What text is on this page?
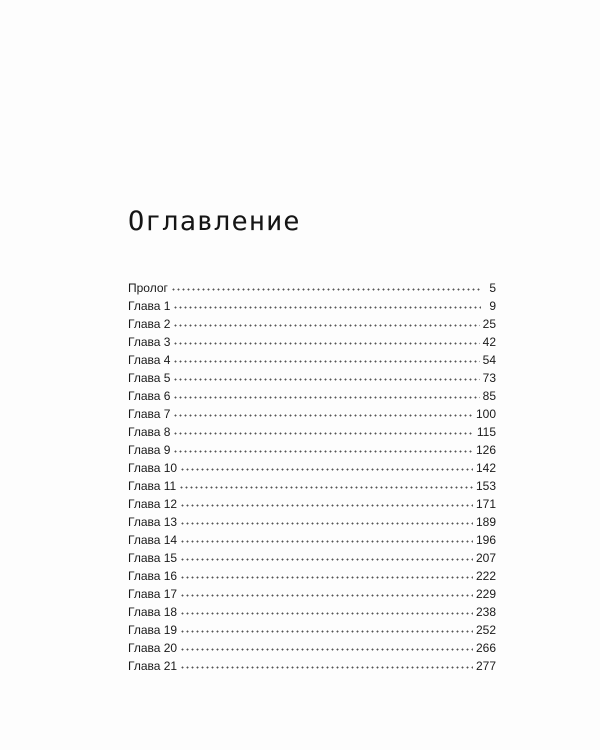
Оглавление
Пролог	5
Глава 1	9
Глава 2	25
Глава 3	42
Глава 4	54
Глава 5	73
Глава 6	85
Глава 7	100
Глава 8	115
Глава 9	126
Глава 10	142
Глава 11	153
Глава 12	171
Глава 13	189
Глава 14	196
Глава 15	207
Глава 16	222
Глава 17	229
Глава 18	238
Глава 19	252
Глава 20	266
Глава 21	277
